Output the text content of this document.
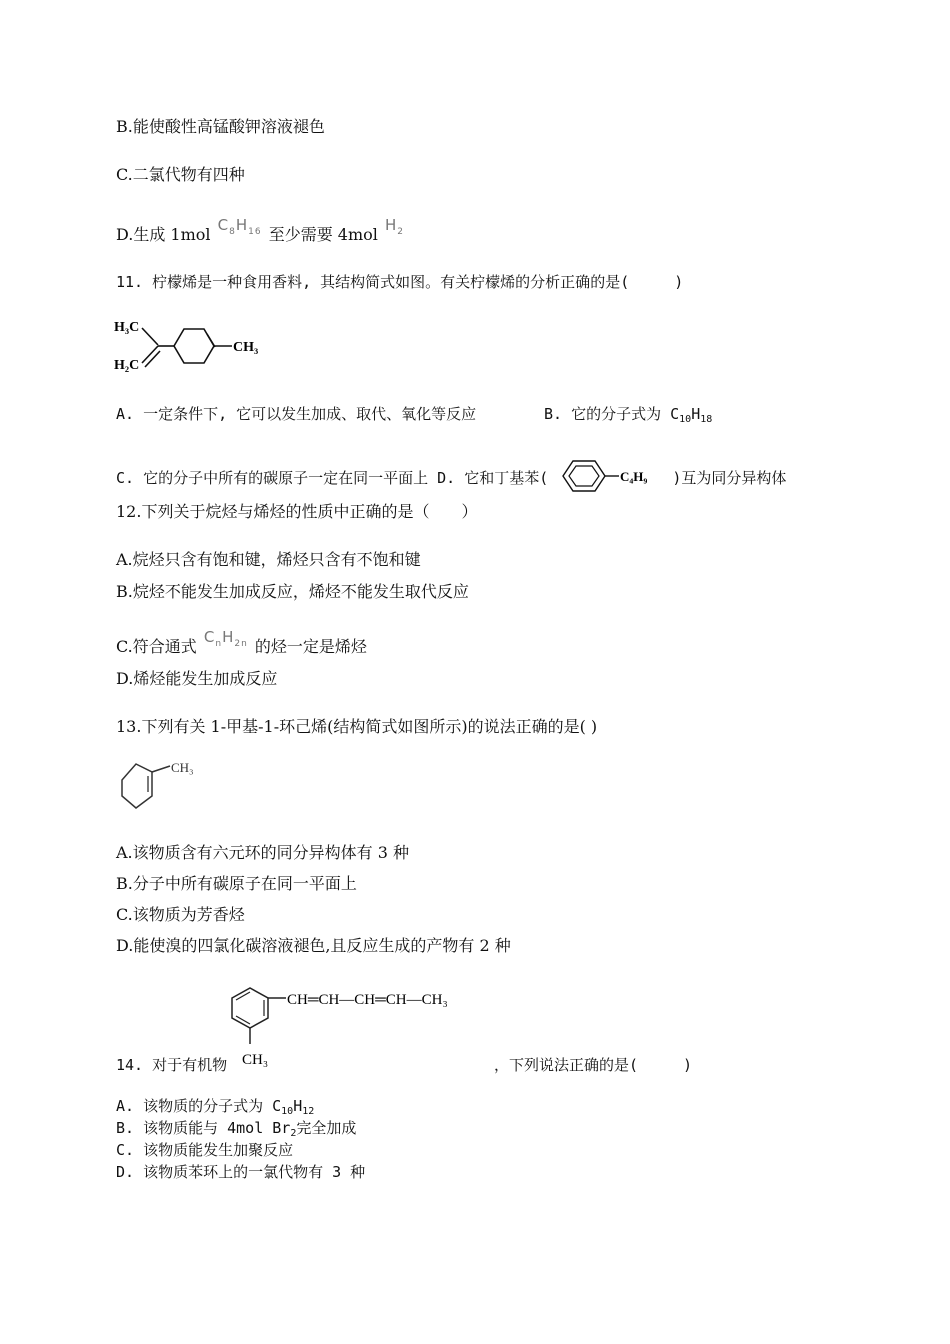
B.能使酸性高锰酸钾溶液褪色
C.二氯代物有四种
D.生成 1mol $C_8H_{16}$ 至少需要 4mol $H_2$
11. 柠檬烯是一种食用香料, 其结构简式如图。有关柠檬烯的分析正确的是(　　　)
H₃C
H₂C
CH₃
A. 一定条件下, 它可以发生加成、取代、氧化等反应	B. 它的分子式为 $C_{10}H_{18}$
C. 它的分子中所有的碳原子一定在同一平面上 D. 它和丁基苯(	C₄H₉ )互为同分异构体
12.下列关于烷烃与烯烃的性质中正确的是（　　）
A.烷烃只含有饱和键，烯烃只含有不饱和键
B.烷烃不能发生加成反应，烯烃不能发生取代反应
C.符合通式 $C_nH_{2n}$ 的烃一定是烯烃
D.烯烃能发生加成反应
13.下列有关 1-甲基-1-环己烯(结构简式如图所示)的说法正确的是( )
CH₃
A.该物质含有六元环的同分异构体有 3 种
B.分子中所有碳原子在同一平面上
C.该物质为芳香烃
D.能使溴的四氯化碳溶液褪色,且反应生成的产物有 2 种
CH═CH—CH═CH—CH₃
CH₃
14. 对于有机物	，下列说法正确的是(　　　)
A. 该物质的分子式为 $C_{10}H_{12}$
B. 该物质能与 4mol $Br_2$完全加成
C. 该物质能发生加聚反应
D. 该物质苯环上的一氯代物有 3 种
